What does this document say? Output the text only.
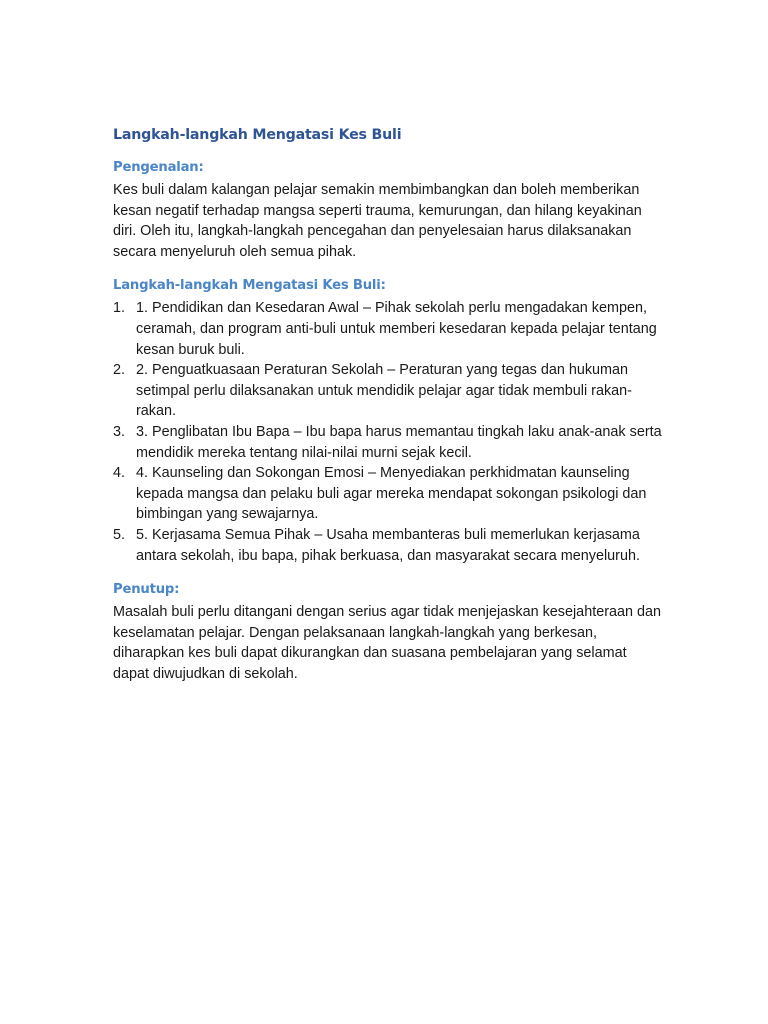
Langkah-langkah Mengatasi Kes Buli
Pengenalan:

Kes buli dalam kalangan pelajar semakin membimbangkan dan boleh memberikan kesan negatif terhadap mangsa seperti trauma, kemurungan, dan hilang keyakinan diri. Oleh itu, langkah-langkah pencegahan dan penyelesaian harus dilaksanakan secara menyeluruh oleh semua pihak.

Langkah-langkah Mengatasi Kes Buli:
1. 1. Pendidikan dan Kesedaran Awal – Pihak sekolah perlu mengadakan kempen, ceramah, dan program anti-buli untuk memberi kesedaran kepada pelajar tentang kesan buruk buli.
2. 2. Penguatkuasaan Peraturan Sekolah – Peraturan yang tegas dan hukuman setimpal perlu dilaksanakan untuk mendidik pelajar agar tidak membuli rakan-rakan.
3. 3. Penglibatan Ibu Bapa – Ibu bapa harus memantau tingkah laku anak-anak serta mendidik mereka tentang nilai-nilai murni sejak kecil.
4. 4. Kaunseling dan Sokongan Emosi – Menyediakan perkhidmatan kaunseling kepada mangsa dan pelaku buli agar mereka mendapat sokongan psikologi dan bimbingan yang sewajarnya.
5. 5. Kerjasama Semua Pihak – Usaha membanteras buli memerlukan kerjasama antara sekolah, ibu bapa, pihak berkuasa, dan masyarakat secara menyeluruh.
Penutup:

Masalah buli perlu ditangani dengan serius agar tidak menjejaskan kesejahteraan dan keselamatan pelajar. Dengan pelaksanaan langkah-langkah yang berkesan, diharapkan kes buli dapat dikurangkan dan suasana pembelajaran yang selamat dapat diwujudkan di sekolah.
